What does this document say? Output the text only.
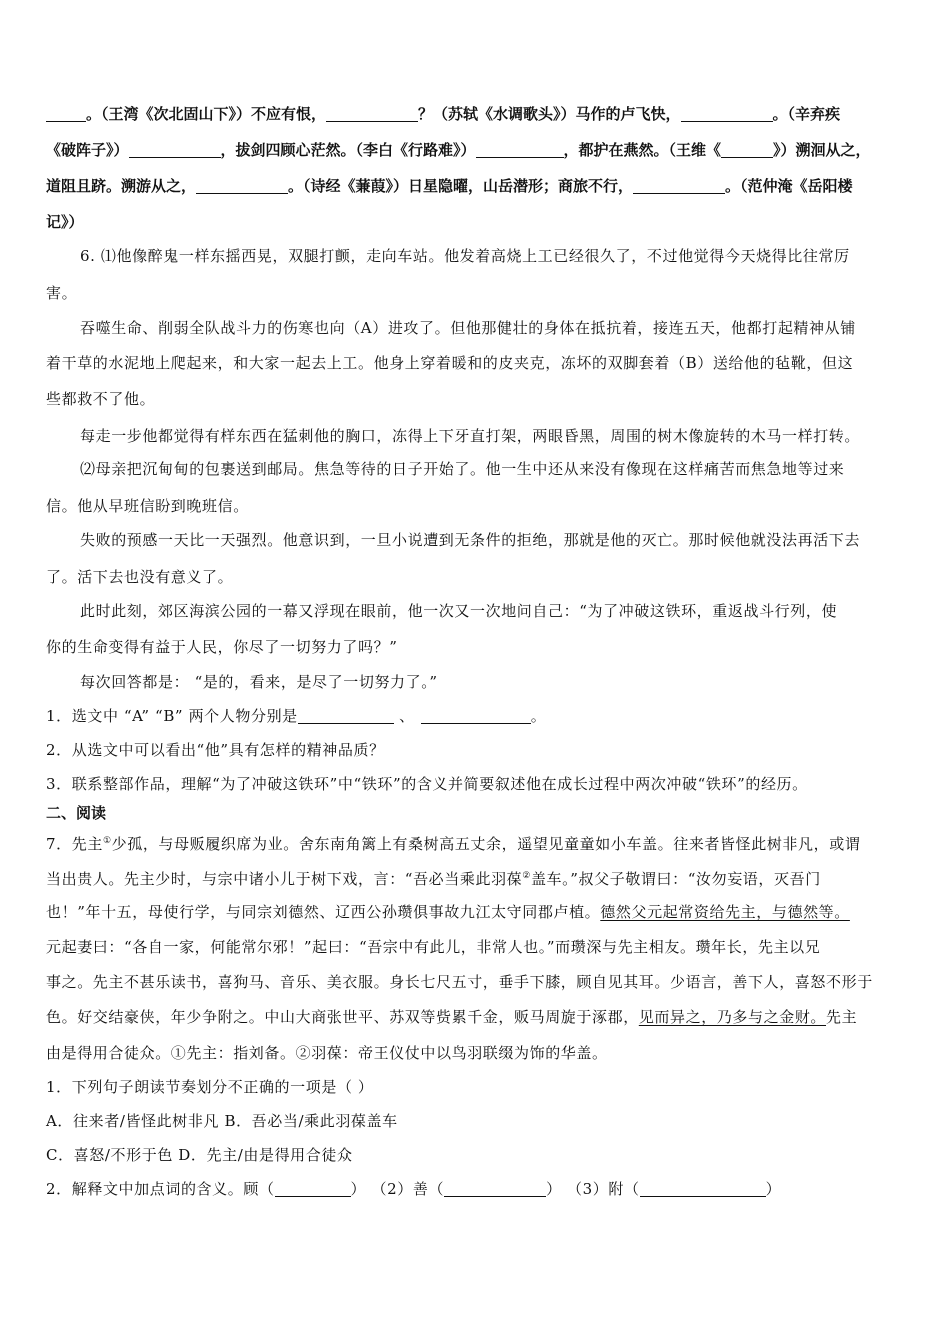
。（王湾《次北固山下》）不应有恨，	？（苏轼《水调歌头》）马作的卢飞快，	。（辛弃疾
《破阵子》）	，拔剑四顾心茫然。（李白《行路难》）	，都护在燕然。（王维《	》）溯洄从之，
道阻且跻。溯游从之，	。（诗经《蒹葭》）日星隐曜，山岳潜形；商旅不行，	。（范仲淹《岳阳楼
记》）
6. ⑴他像醉鬼一样东摇西晃，双腿打颤，走向车站。他发着高烧上工已经很久了，不过他觉得今天烧得比往常厉
害。
吞噬生命、削弱全队战斗力的伤寒也向（A）进攻了。但他那健壮的身体在抵抗着，接连五天，他都打起精神从铺
着干草的水泥地上爬起来，和大家一起去上工。他身上穿着暖和的皮夹克，冻坏的双脚套着（B）送给他的毡靴，但这
些都救不了他。
每走一步他都觉得有样东西在猛刺他的胸口，冻得上下牙直打架，两眼昏黑，周围的树木像旋转的木马一样打转。
⑵母亲把沉甸甸的包裹送到邮局。焦急等待的日子开始了。他一生中还从来没有像现在这样痛苦而焦急地等过来
信。他从早班信盼到晚班信。
失败的预感一天比一天强烈。他意识到，一旦小说遭到无条件的拒绝，那就是他的灭亡。那时候他就没法再活下去
了。活下去也没有意义了。
此时此刻，郊区海滨公园的一幕又浮现在眼前，他一次又一次地问自己：“为了冲破这铁环，重返战斗行列，使
你的生命变得有益于人民，你尽了一切努力了吗？”
每次回答都是： “是的，看来，是尽了一切努力了。”
1．选文中 “A” “B” 两个人物分别是	、	。
2．从选文中可以看出“他”具有怎样的精神品质？
3．联系整部作品，理解“为了冲破这铁环”中“铁环”的含义并简要叙述他在成长过程中两次冲破“铁环”的经历。
二、阅读
7．先主①少孤，与母贩履织席为业。舍东南角篱上有桑树高五丈余，遥望见童童如小车盖。往来者皆怪此树非凡，或谓
当出贵人。先主少时，与宗中诸小儿于树下戏，言：“吾必当乘此羽葆②盖车。”叔父子敬谓曰：“汝勿妄语，灭吾门
也！”年十五，母使行学，与同宗刘德然、辽西公孙瓒俱事故九江太守同郡卢植。德然父元起常资给先主，与德然等。
元起妻曰：“各自一家，何能常尔邪！”起曰：“吾宗中有此儿，非常人也。”而瓒深与先主相友。瓒年长，先主以兄
事之。先主不甚乐读书，喜狗马、音乐、美衣服。身长七尺五寸，垂手下膝，顾自见其耳。少语言，善下人，喜怒不形于
色。好交结豪侠，年少争附之。中山大商张世平、苏双等赀累千金，贩马周旋于涿郡，见而异之，乃多与之金财。先主
由是得用合徒众。①先主：指刘备。②羽葆：帝王仪仗中以鸟羽联缀为饰的华盖。
1．下列句子朗读节奏划分不正确的一项是（ ）
A．往来者/皆怪此树非凡 B．吾必当/乘此羽葆盖车
C．喜怒/不形于色 D．先主/由是得用合徒众
2．解释文中加点词的含义。顾（	） （2）善（	） （3）附（	）
